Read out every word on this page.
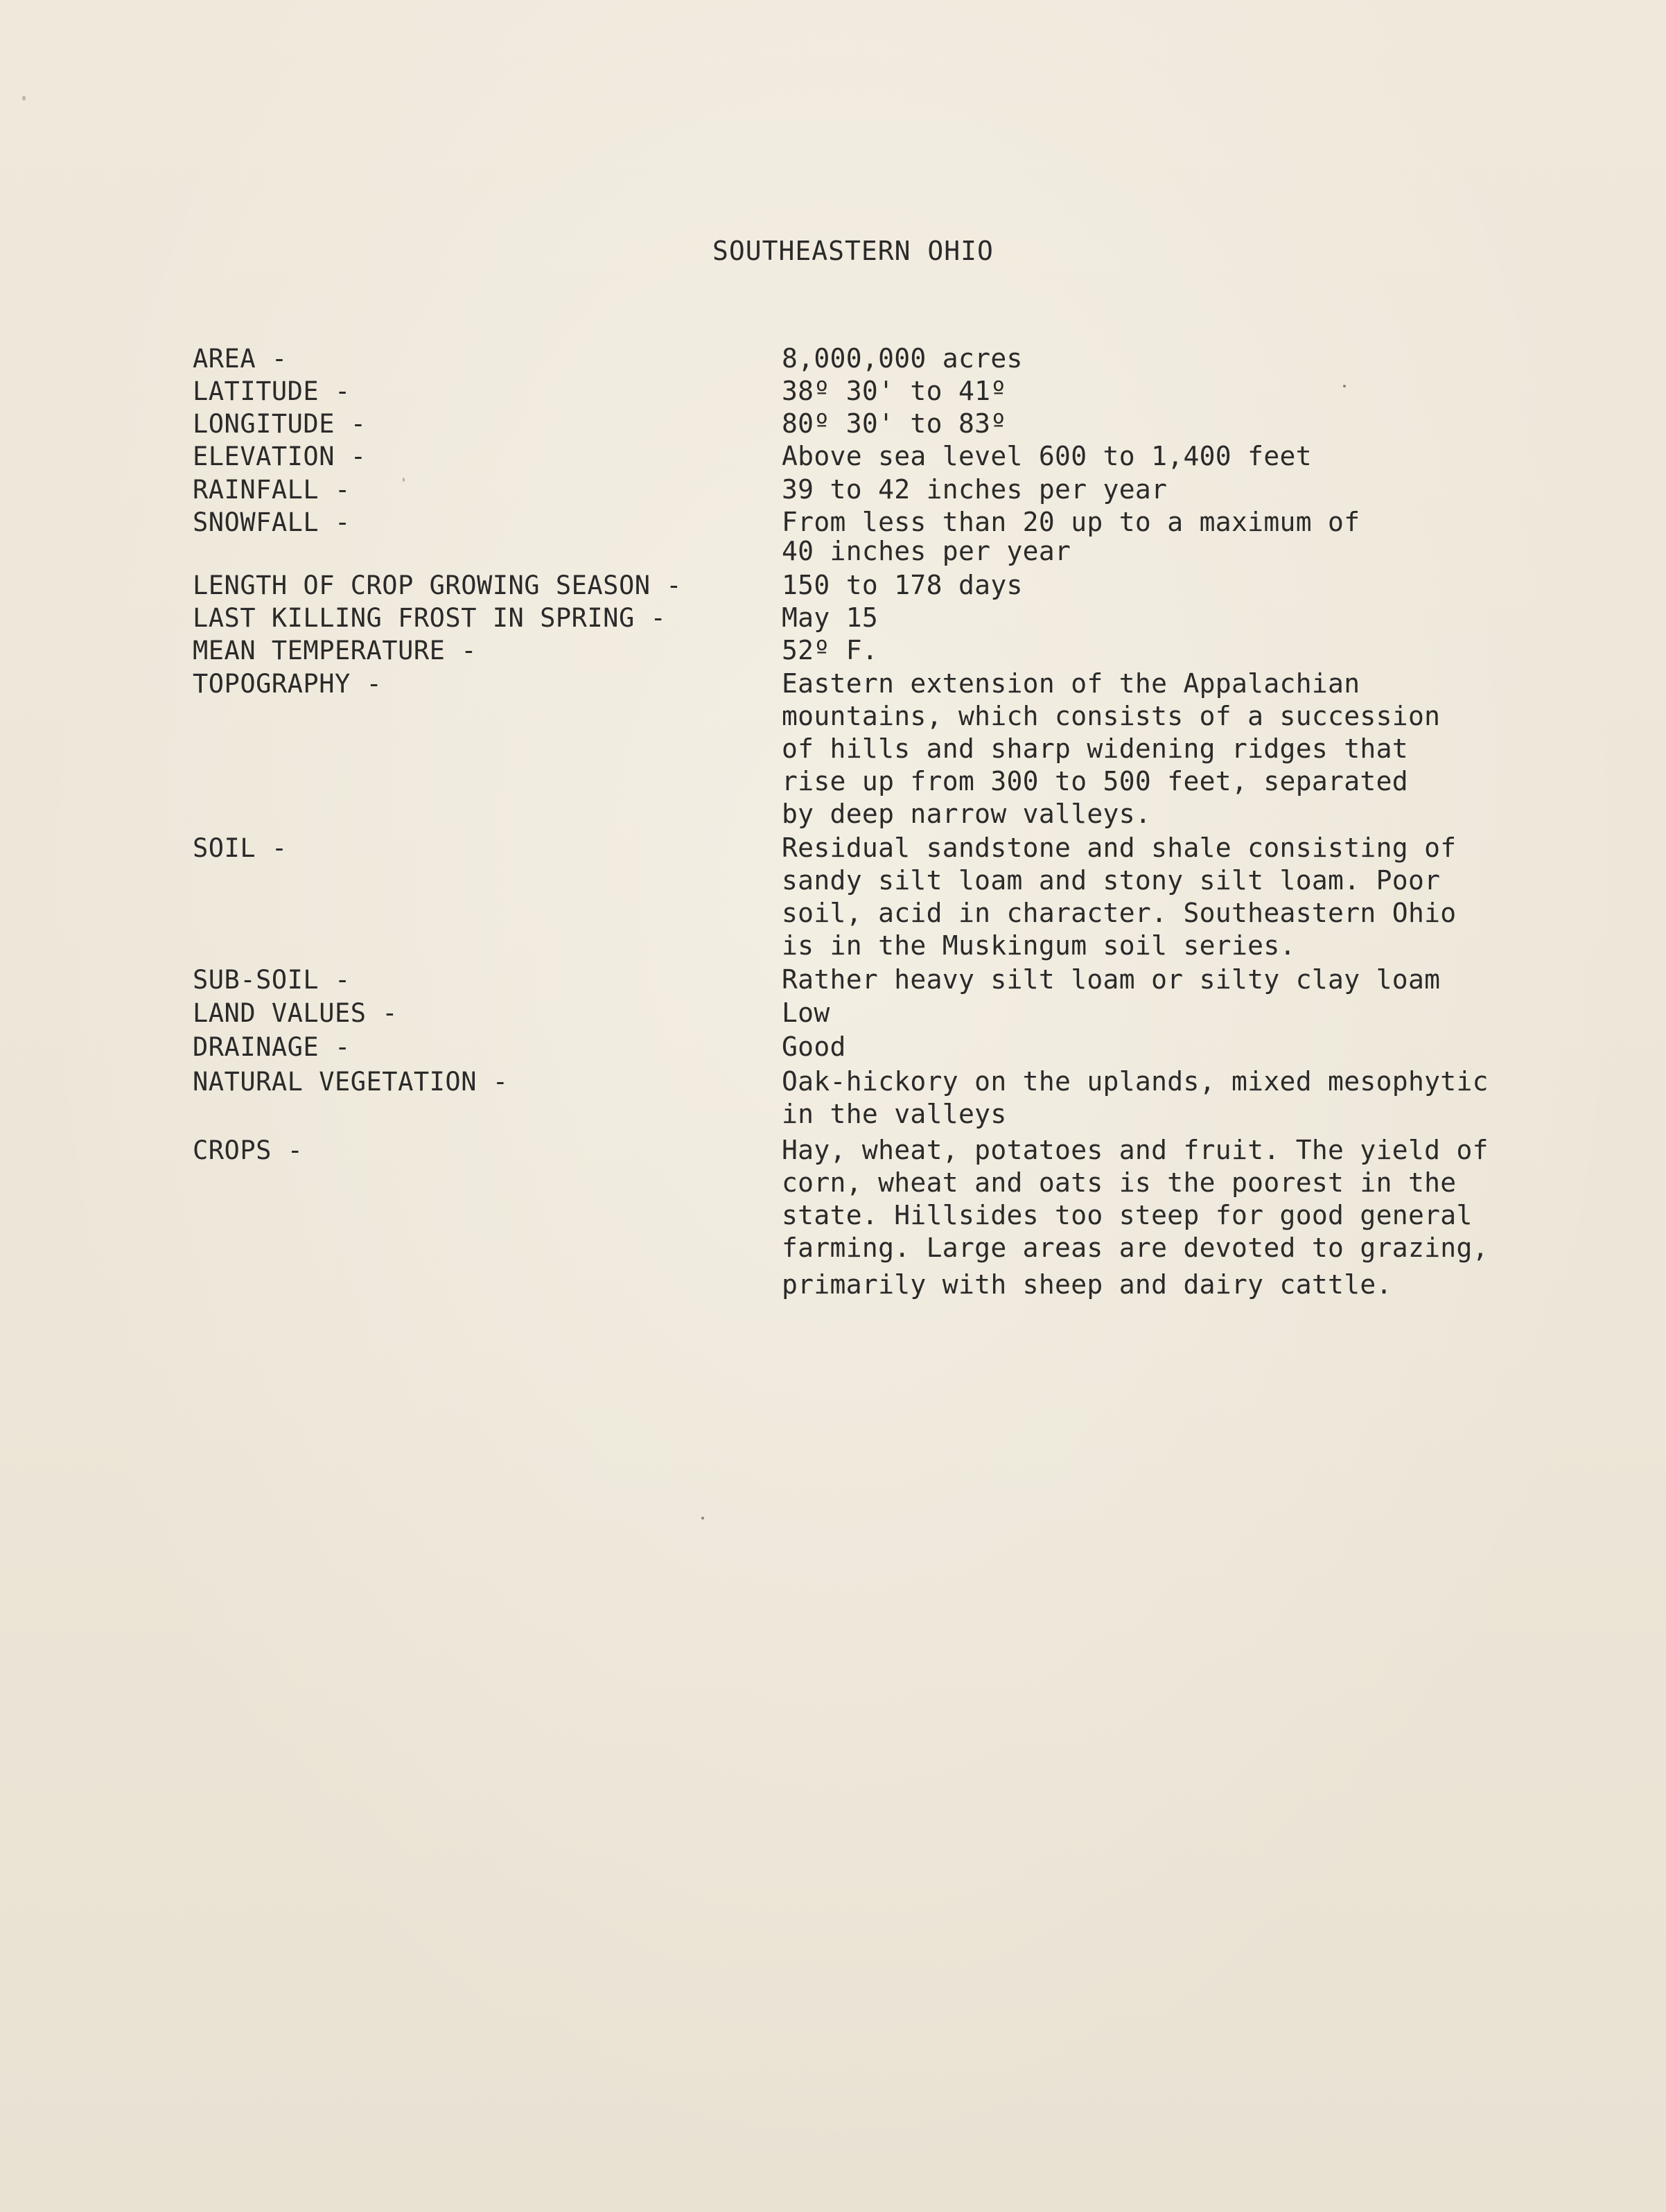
SOUTHEASTERN OHIO
AREA -	8,000,000 acres
LATITUDE -	38º 30' to 41º
LONGITUDE -	80º 30' to 83º
ELEVATION -	Above sea level 600 to 1,400 feet
RAINFALL -	39 to 42 inches per year
SNOWFALL -	From less than 20 up to a maximum of
40 inches per year
LENGTH OF CROP GROWING SEASON -	150 to 178 days
LAST KILLING FROST IN SPRING -	May 15
MEAN TEMPERATURE -	52º F.
TOPOGRAPHY -	Eastern extension of the Appalachian
mountains, which consists of a succession
of hills and sharp widening ridges that
rise up from 300 to 500 feet, separated
by deep narrow valleys.
SOIL -	Residual sandstone and shale consisting of
sandy silt loam and stony silt loam. Poor
soil, acid in character. Southeastern Ohio
is in the Muskingum soil series.
SUB-SOIL -	Rather heavy silt loam or silty clay loam
LAND VALUES -	Low
DRAINAGE -	Good
NATURAL VEGETATION -	Oak-hickory on the uplands, mixed mesophytic
in the valleys
CROPS -	Hay, wheat, potatoes and fruit. The yield of
corn, wheat and oats is the poorest in the
state. Hillsides too steep for good general
farming. Large areas are devoted to grazing,
primarily with sheep and dairy cattle.
